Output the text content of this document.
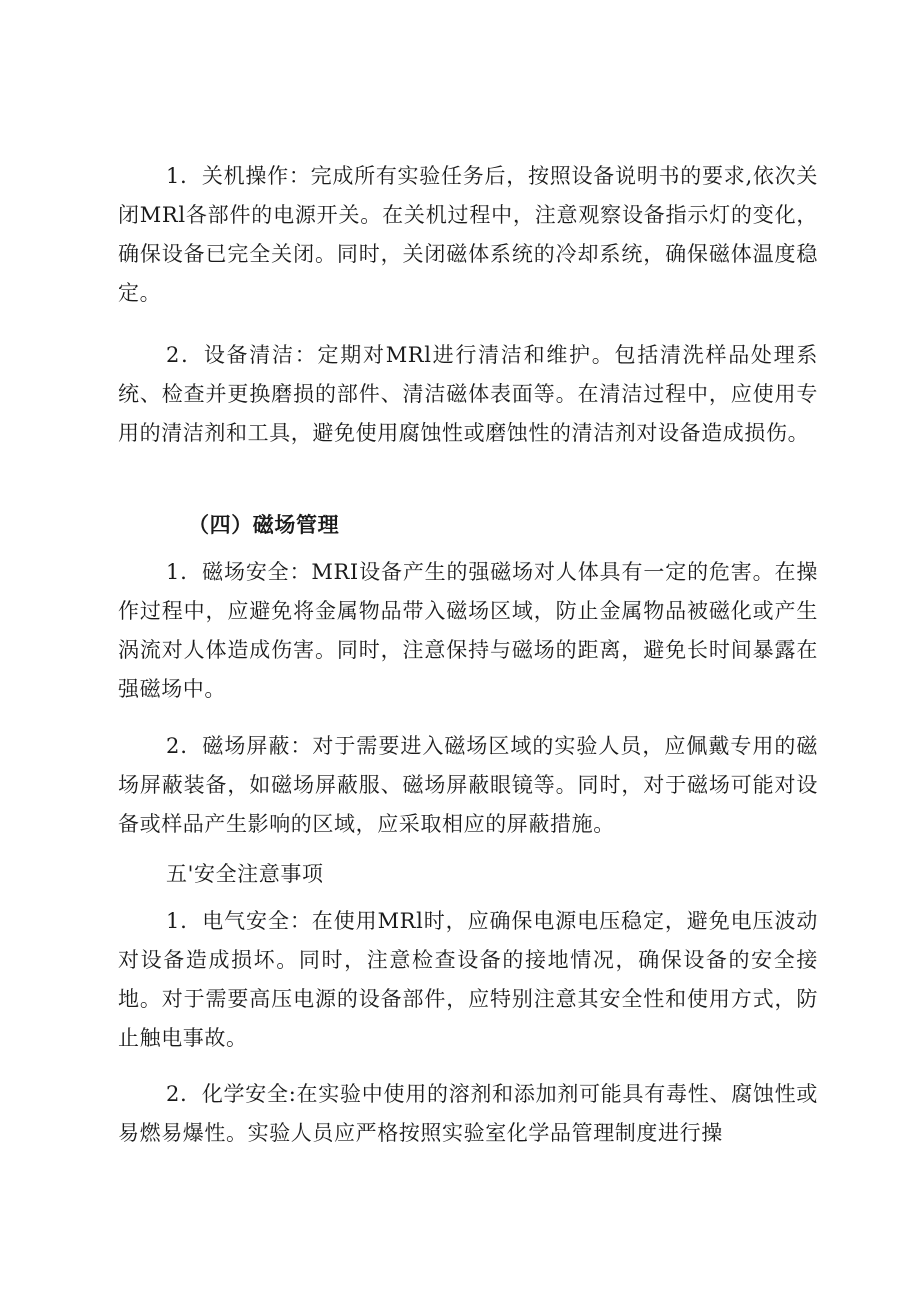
1．关机操作：完成所有实验任务后，按照设备说明书的要求,依次关闭MRl各部件的电源开关。在关机过程中，注意观察设备指示灯的变化，确保设备已完全关闭。同时，关闭磁体系统的冷却系统，确保磁体温度稳定。

2．设备清洁：定期对MRl进行清洁和维护。包括清洗样品处理系统、检查并更换磨损的部件、清洁磁体表面等。在清洁过程中，应使用专用的清洁剂和工具，避免使用腐蚀性或磨蚀性的清洁剂对设备造成损伤。

（四）磁场管理

1．磁场安全：MRI设备产生的强磁场对人体具有一定的危害。在操作过程中，应避免将金属物品带入磁场区域，防止金属物品被磁化或产生涡流对人体造成伤害。同时，注意保持与磁场的距离，避免长时间暴露在强磁场中。

2．磁场屏蔽：对于需要进入磁场区域的实验人员，应佩戴专用的磁场屏蔽装备，如磁场屏蔽服、磁场屏蔽眼镜等。同时，对于磁场可能对设备或样品产生影响的区域，应采取相应的屏蔽措施。

五'安全注意事项

1．电气安全：在使用MRl时，应确保电源电压稳定，避免电压波动对设备造成损坏。同时，注意检查设备的接地情况，确保设备的安全接地。对于需要高压电源的设备部件，应特别注意其安全性和使用方式，防止触电事故。

2．化学安全:在实验中使用的溶剂和添加剂可能具有毒性、腐蚀性或易燃易爆性。实验人员应严格按照实验室化学品管理制度进行操
